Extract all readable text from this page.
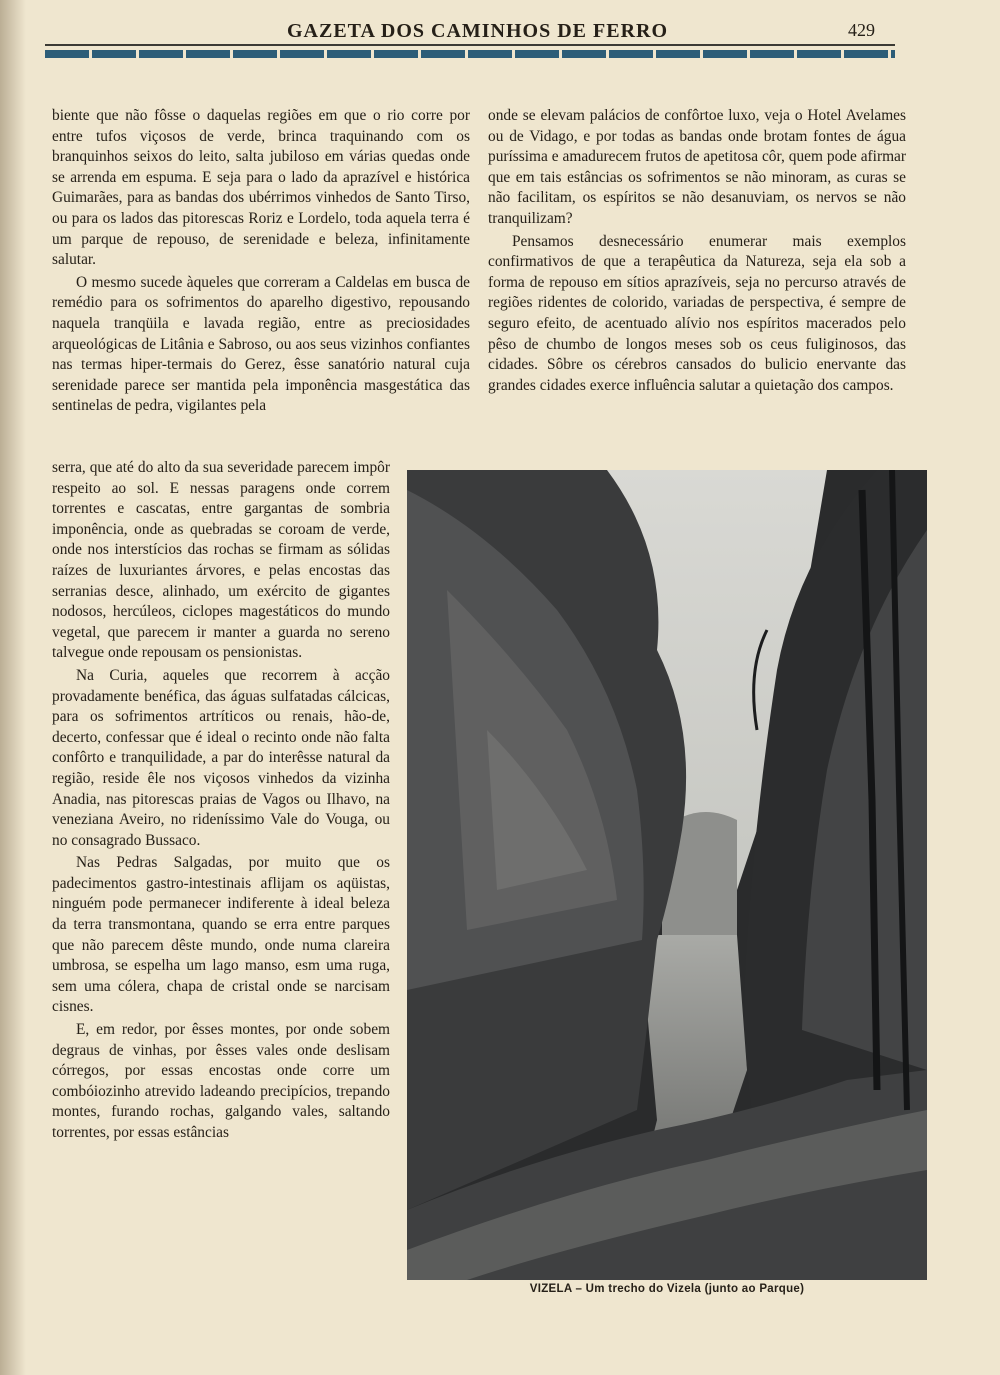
GAZETA DOS CAMINHOS DE FERRO	429

biente que não fôsse o daquelas regiões em que o rio corre por entre tufos viçosos de verde, brinca traquinando com os branquinhos seixos do leito, salta jubiloso em várias quedas onde se arrenda em espuma. E seja para o lado da aprazível e histórica Guimarães, para as bandas dos ubérrimos vinhedos de Santo Tirso, ou para os lados das pitorescas Roriz e Lordelo, toda aquela terra é um parque de repouso, de serenidade e beleza, infinitamente salutar.

O mesmo sucede àqueles que correram a Caldelas em busca de remédio para os sofrimentos do aparelho digestivo, repousando naquela tranqüila e lavada região, entre as preciosidades arqueológicas de Litânia e Sabroso, ou aos seus vizinhos confiantes nas termas hiper-termais do Gerez, êsse sanatório natural cuja serenidade parece ser mantida pela imponência masgestática das sentinelas de pedra, vigilantes pela

serra, que até do alto da sua severidade parecem impôr respeito ao sol. E nessas paragens onde correm torrentes e cascatas, entre gargantas de sombria imponência, onde as quebradas se coroam de verde, onde nos interstícios das rochas se firmam as sólidas raízes de luxuriantes árvores, e pelas encostas das serranias desce, alinhado, um exército de gigantes nodosos, hercúleos, ciclopes magestáticos do mundo vegetal, que parecem ir manter a guarda no sereno talvegue onde repousam os pensionistas.

Na Curia, aqueles que recorrem à acção provadamente benéfica, das águas sulfatadas cálcicas, para os sofrimentos artríticos ou renais, hão-de, decerto, confessar que é ideal o recinto onde não falta confôrto e tranquilidade, a par do interêsse natural da região, reside êle nos viçosos vinhedos da vizinha Anadia, nas pitorescas praias de Vagos ou Ilhavo, na veneziana Aveiro, no rideníssimo Vale do Vouga, ou no consagrado Bussaco.

Nas Pedras Salgadas, por muito que os padecimentos gastro-intestinais aflijam os aqüistas, ninguém pode permanecer indiferente à ideal beleza da terra transmontana, quando se erra entre parques que não parecem dêste mundo, onde numa clareira umbrosa, se espelha um lago manso, esm uma ruga, sem uma cólera, chapa de cristal onde se narcisam cisnes.

E, em redor, por êsses montes, por onde sobem degraus de vinhas, por êsses vales onde deslisam córregos, por essas encostas onde corre um combóiozinho atrevido ladeando precipícios, trepando montes, furando rochas, galgando vales, saltando torrentes, por essas estâncias

onde se elevam palácios de confôrtoe luxo, veja o Hotel Avelames ou de Vidago, e por todas as bandas onde brotam fontes de água puríssima e amadurecem frutos de apetitosa côr, quem pode afirmar que em tais estâncias os sofrimentos se não minoram, as curas se não facilitam, os espíritos se não desanuviam, os nervos se não tranquilizam?

Pensamos desnecessário enumerar mais exemplos confirmativos de que a terapêutica da Natureza, seja ela sob a forma de repouso em sítios aprazíveis, seja no percurso através de regiões ridentes de colorido, variadas de perspectiva, é sempre de seguro efeito, de acentuado alívio nos espíritos macerados pelo pêso de chumbo de longos meses sob os ceus fuliginosos, das cidades. Sôbre os cérebros cansados do bulicio enervante das grandes cidades exerce influência salutar a quietação dos campos.

VIZELA – Um trecho do Vizela (junto ao Parque)
